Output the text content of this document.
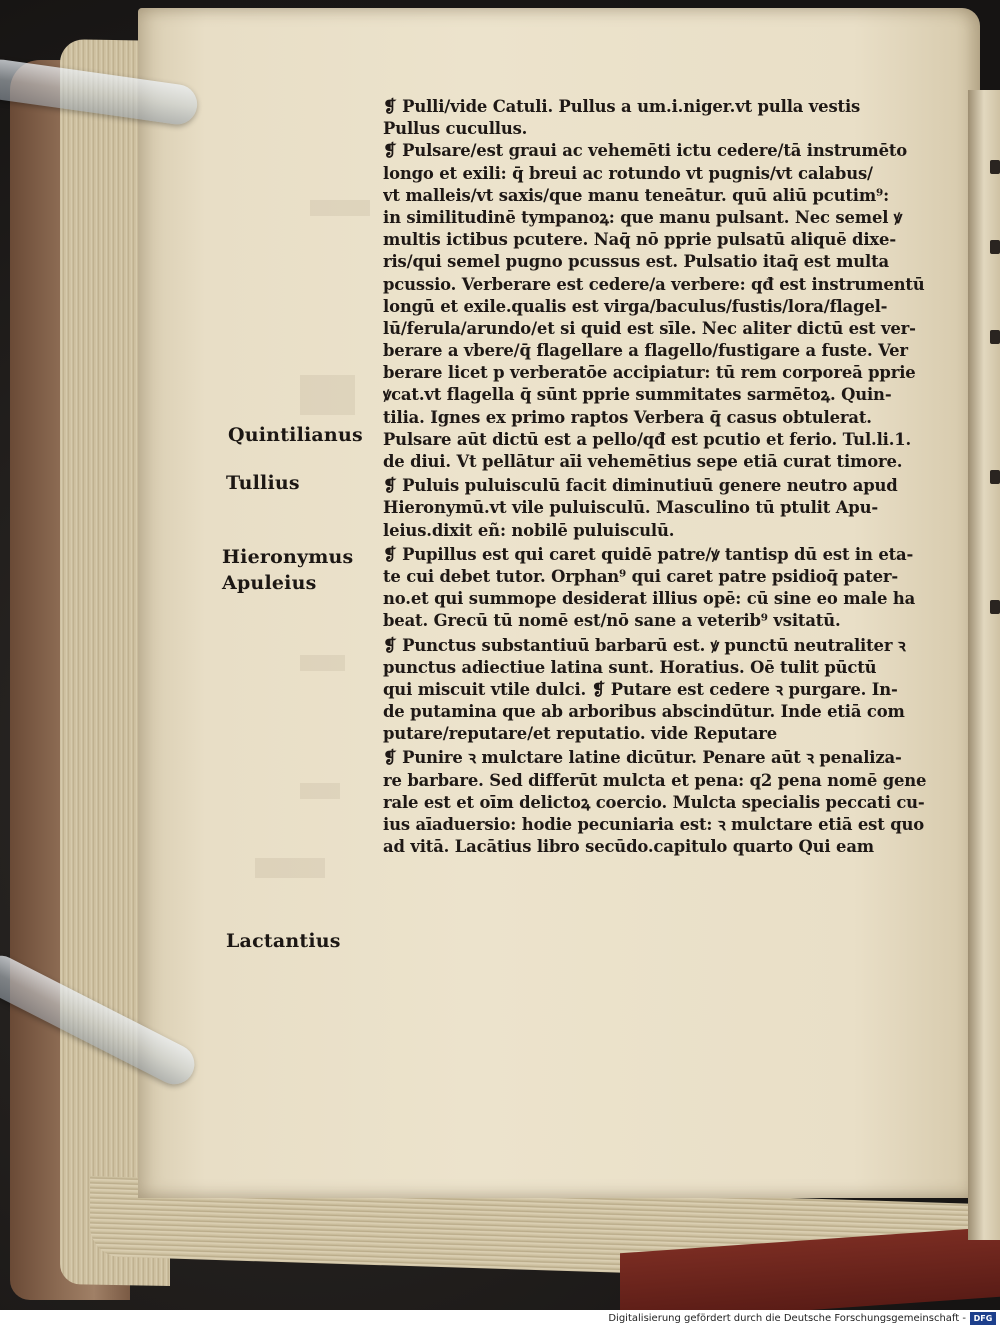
Quintilianus
Tullius
Hieronymus
Apuleius
Lactantius
❡ Pulli/vide Catuli. Pullus a um.i.niger.vt pulla vestis
Pullus cucullus.
❡ Pulsare/est graui ac vehemēti ictu cedere/tā instrumēto
longo et exili: q̄ breui ac rotundo vt pugnis/vt calabus/
vt malleis/vt saxis/que manu teneātur. quū aliū pcutim⁹:
in similitudinē tympanoꝝ: que manu pulsant. Nec semel ꝟ
multis ictibus pcutere. Naq̄ nō pprie pulsatū aliquē dixe-
ris/qui semel pugno pcussus est. Pulsatio itaq̄ est multa
pcussio. Verberare est cedere/a verbere: qđ est instrumentū
longū et exile.qualis est virga/baculus/fustis/lora/flagel-
lū/ferula/arundo/et si quid est sīle. Nec aliter dictū est ver-
berare a vbere/q̄ flagellare a flagello/fustigare a fuste. Ver
berare licet p verberatōe accipiatur: tū rem corporeā pprie
ꝟcat.vt flagella q̄ sūnt pprie summitates sarmētoꝝ. Quin-
tilia. Ignes ex primo raptos Verbera q̄ casus obtulerat.
Pulsare aūt dictū est a pello/qđ est pcutio et ferio. Tul.li.1.
de diui. Vt pellātur aīi vehemētius sepe etiā curat timore.
❡ Puluis puluisculū facit diminutiuū genere neutro apud
Hieronymū.vt vile puluisculū. Masculino tū ptulit Apu-
leius.dixit eñ: nobilē puluisculū.
❡ Pupillus est qui caret quidē patre/ꝟ tantisp dū est in eta-
te cui debet tutor. Orphan⁹ qui caret patre psidioq̄ pater-
no.et qui summope desiderat illius opē: cū sine eo male ha
beat. Grecū tū nomē est/nō sane a veterib⁹ vsitatū.
❡ Punctus substantiuū barbarū est. ꝟ punctū neutraliter ꝛ
punctus adiectiue latina sunt. Horatius. Oē tulit pūctū
qui miscuit vtile dulci. ❡ Putare est cedere ꝛ purgare. In-
de putamina que ab arboribus abscindūtur. Inde etiā com
putare/reputare/et reputatio. vide Reputare
❡ Punire ꝛ mulctare latine dicūtur. Penare aūt ꝛ penaliza-
re barbare. Sed differūt mulcta et pena: q2 pena nomē gene
rale est et oīm delictoꝝ coercio. Mulcta specialis peccati cu-
ius aīaduersio: hodie pecuniaria est: ꝛ mulctare etiā est quo
ad vitā. Lacātius libro secūdo.capitulo quarto Qui eam
Digitalisierung gefördert durch die Deutsche Forschungsgemeinschaft - DFG
